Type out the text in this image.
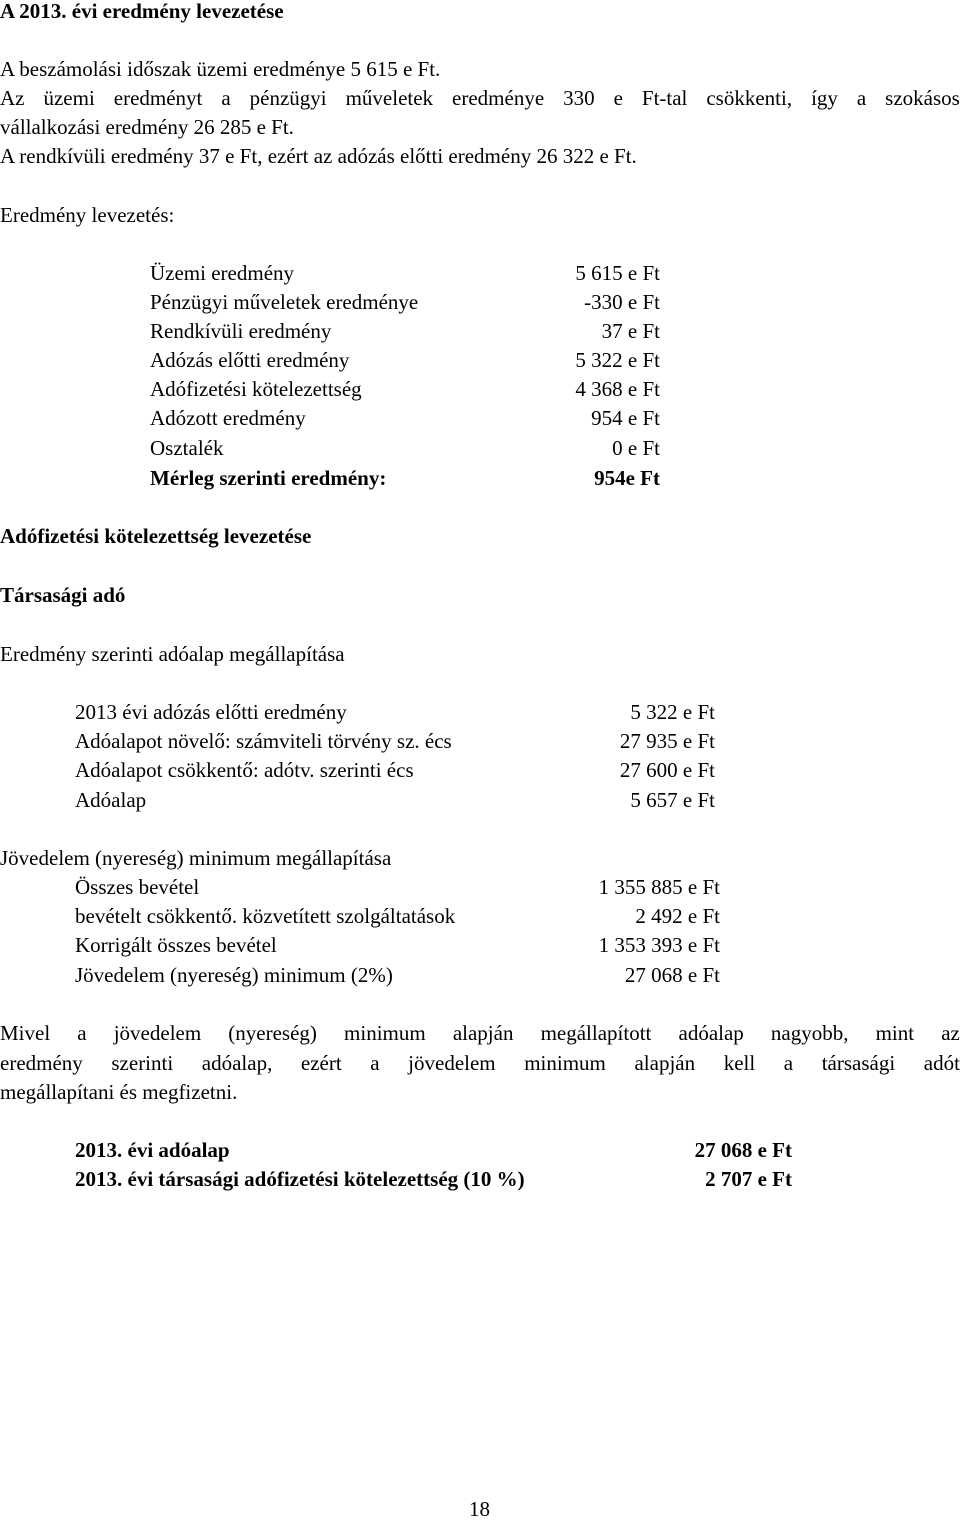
A 2013. évi eredmény levezetése
A beszámolási időszak üzemi eredménye 5 615 e Ft.
Az üzemi eredményt a pénzügyi műveletek eredménye 330 e Ft-tal csökkenti, így a szokásos
vállalkozási eredmény 26 285 e Ft.
A rendkívüli eredmény 37 e Ft, ezért az adózás előtti eredmény 26 322 e Ft.
Eredmény levezetés:
Üzemi eredmény	5 615 e Ft
Pénzügyi műveletek eredménye	-330 e Ft
Rendkívüli eredmény	37 e Ft
Adózás előtti eredmény	5 322 e Ft
Adófizetési kötelezettség	4 368 e Ft
Adózott eredmény	954 e Ft
Osztalék	0 e Ft
Mérleg szerinti eredmény:	954e Ft
Adófizetési kötelezettség levezetése
Társasági adó
Eredmény szerinti adóalap megállapítása
2013 évi adózás előtti eredmény	5 322 e Ft
Adóalapot növelő: számviteli törvény sz. écs	27 935 e Ft
Adóalapot csökkentő: adótv. szerinti écs	27 600 e Ft
Adóalap	5 657 e Ft
Jövedelem (nyereség) minimum megállapítása
Összes bevétel	1 355 885 e Ft
bevételt csökkentő. közvetített szolgáltatások	2 492 e Ft
Korrigált összes bevétel	1 353 393 e Ft
Jövedelem (nyereség) minimum (2%)	27 068 e Ft
Mivel a jövedelem (nyereség) minimum alapján megállapított adóalap nagyobb, mint az
eredmény szerinti adóalap, ezért a jövedelem minimum alapján kell a társasági adót
megállapítani és megfizetni.
2013. évi adóalap	27 068 e Ft
2013. évi társasági adófizetési kötelezettség (10 %)	2 707 e Ft
18
